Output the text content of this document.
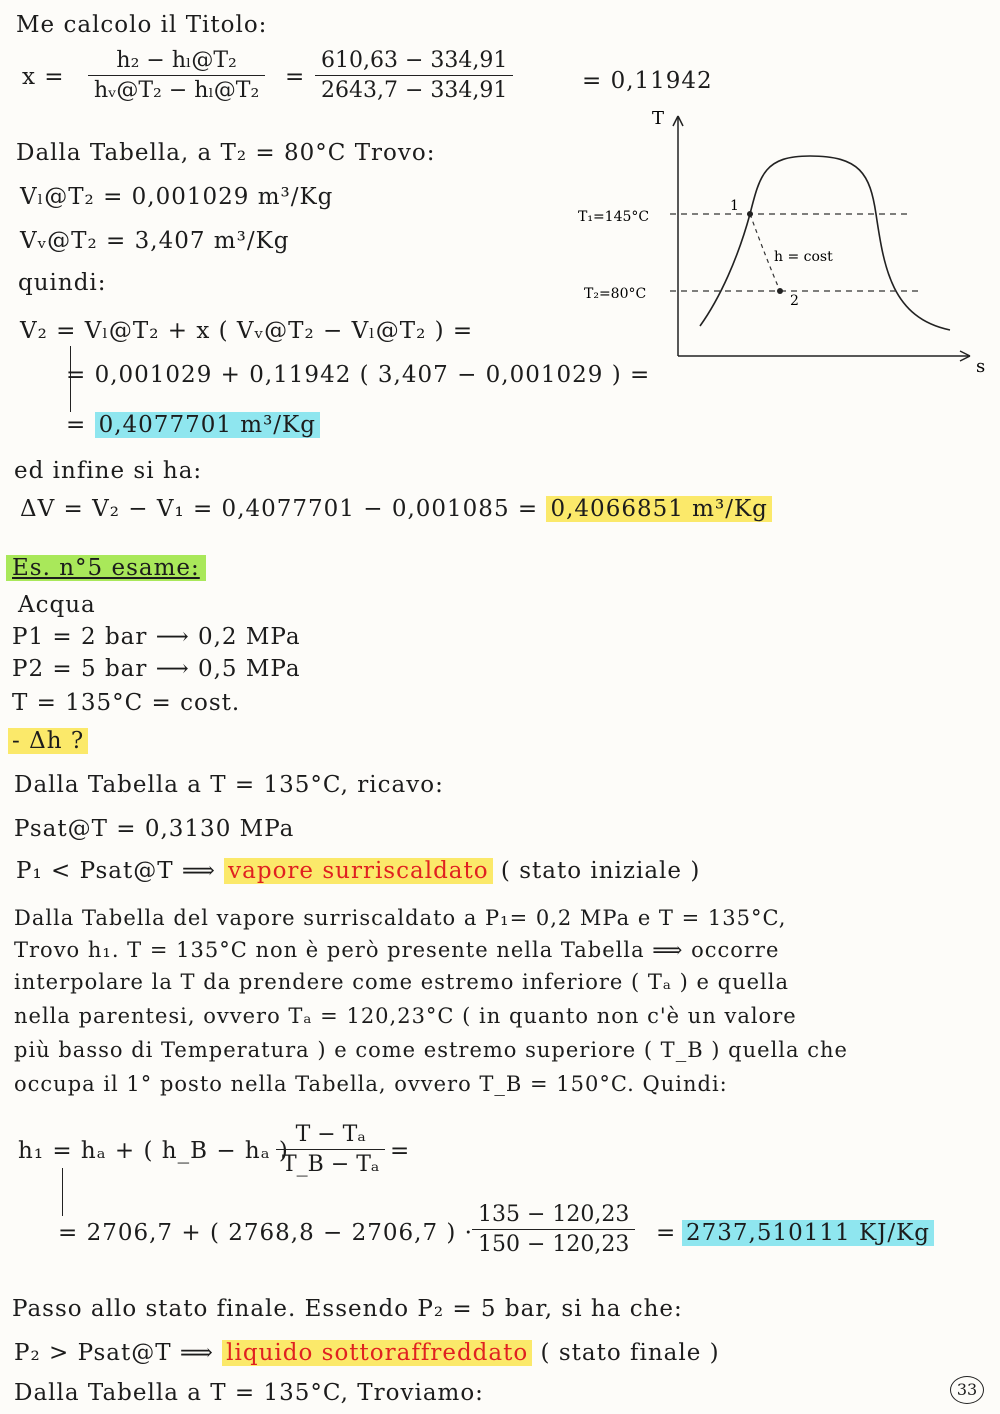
Me calcolo il Titolo:
x =
h₂ − hₗ@T₂
hᵥ@T₂ − hₗ@T₂
=
610,63 − 334,91
2643,7 − 334,91	= 0,11942
Dalla Tabella, a T₂ = 80°C Trovo:
Vₗ@T₂ = 0,001029 m³/Kg
Vᵥ@T₂ = 3,407 m³/Kg
quindi:
V₂ = Vₗ@T₂ + x ( Vᵥ@T₂ − Vₗ@T₂ ) =
= 0,001029 + 0,11942 ( 3,407 − 0,001029 ) =
= 0,4077701 m³/Kg
ed infine si ha:
ΔV = V₂ − V₁ = 0,4077701 − 0,001085 = 0,4066851 m³/Kg
T
s
T₁=145°C
T₂=80°C
1
2
h = cost
Es. n°5 esame:
Acqua
P1 = 2 bar ⟶ 0,2 MPa
P2 = 5 bar ⟶ 0,5 MPa
T = 135°C = cost.
- Δh ?
Dalla Tabella a T = 135°C, ricavo:
Psat@T = 0,3130 MPa
P₁ < Psat@T ⟹ vapore surriscaldato ( stato iniziale )
Dalla Tabella del vapore surriscaldato a P₁= 0,2 MPa e T = 135°C,
Trovo h₁. T = 135°C non è però presente nella Tabella ⟹ occorre
interpolare la T da prendere come estremo inferiore ( Tₐ ) e quella
nella parentesi, ovvero Tₐ = 120,23°C ( in quanto non c'è un valore
più basso di Temperatura ) e come estremo superiore ( T_B ) quella che
occupa il 1° posto nella Tabella, ovvero T_B = 150°C. Quindi:
h₁ = hₐ + ( h_B − hₐ )
T − Tₐ
T_B − Tₐ
=
= 2706,7 + ( 2768,8 − 2706,7 ) ·
135 − 120,23
150 − 120,23 = 2737,510111 KJ/Kg
Passo allo stato finale. Essendo P₂ = 5 bar, si ha che:
P₂ > Psat@T ⟹ liquido sottoraffreddato ( stato finale )
Dalla Tabella a T = 135°C, Troviamo:	33
